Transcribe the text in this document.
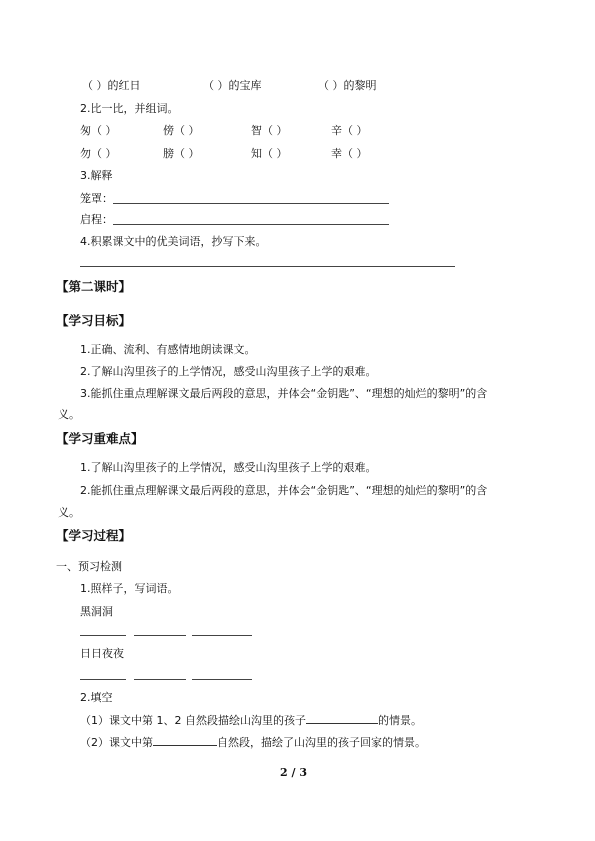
（ ）的红日	（ ）的宝库	（ ）的黎明
2.比一比，并组词。
匆（ ）	傍（ ）	智（ ）	辛（ ）
勿（ ）	膀（ ）	知（ ）	幸（ ）
3.解释
笼罩：
启程：
4.积累课文中的优美词语，抄写下来。
【第二课时】
【学习目标】
1.正确、流利、有感情地朗读课文。
2.了解山沟里孩子的上学情况，感受山沟里孩子上学的艰难。
3.能抓住重点理解课文最后两段的意思，并体会“金钥匙”、“理想的灿烂的黎明”的含
义。
【学习重难点】
1.了解山沟里孩子的上学情况，感受山沟里孩子上学的艰难。
2.能抓住重点理解课文最后两段的意思，并体会“金钥匙”、“理想的灿烂的黎明”的含
义。
【学习过程】
一、预习检测
1.照样子，写词语。
黑洞洞
日日夜夜
2.填空
（1）课文中第 1、2 自然段描绘山沟里的孩子	的情景。
（2）课文中第	自然段，描绘了山沟里的孩子回家的情景。
2 / 3
